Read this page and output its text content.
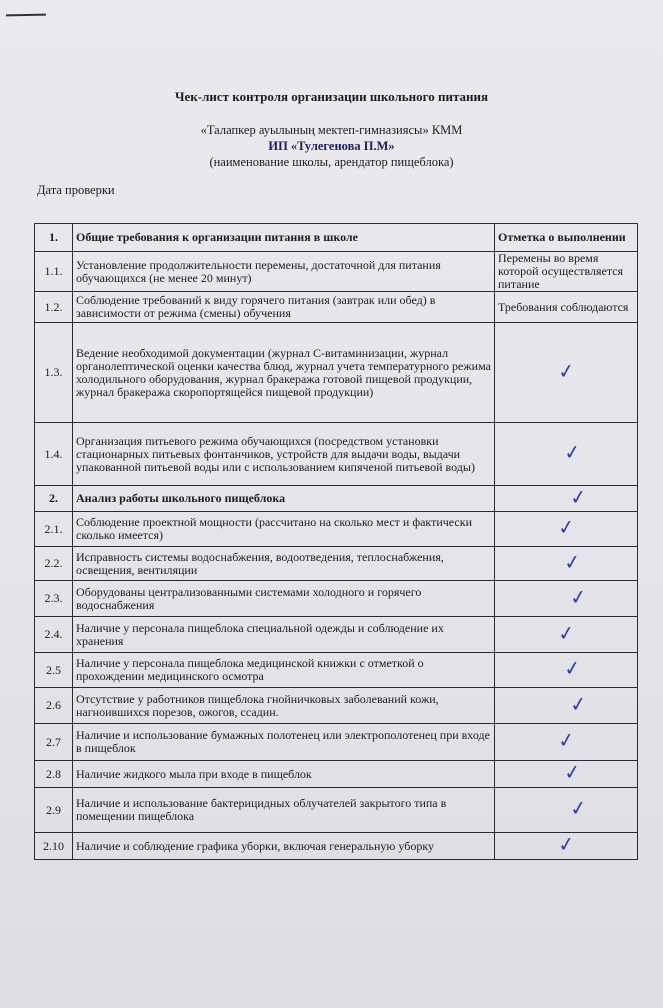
Чек-лист контроля организации школьного питания
«Талапкер ауылының мектеп-гимназиясы» КММ
ИП «Тулегенова П.М»
(наименование школы, арендатор пищеблока)
Дата проверки
1.	Общие требования к организации питания в школе	Отметка о выполнении
1.1.	Установление продолжительности перемены, достаточной для питания обучающихся (не менее 20 минут)	Перемены во время которой осуществляется питание
1.2.	Соблюдение требований к виду горячего питания (завтрак или обед) в зависимости от режима (смены) обучения	Требования соблюдаются
1.3.	Ведение необходимой документации (журнал С-витаминизации, журнал органолептической оценки качества блюд, журнал учета температурного режима холодильного оборудования, журнал бракеража готовой пищевой продукции, журнал бракеража скоропортящейся пищевой продукции)	✓
1.4.	Организация питьевого режима обучающихся (посредством установки стационарных питьевых фонтанчиков, устройств для выдачи воды, выдачи упакованной питьевой воды или с использованием кипяченой питьевой воды)	✓
2.	Анализ работы школьного пищеблока	✓
2.1.	Соблюдение проектной мощности (рассчитано на сколько мест и фактически сколько имеется)	✓
2.2.	Исправность системы водоснабжения, водоотведения, теплоснабжения, освещения, вентиляции	✓
2.3.	Оборудованы централизованными системами холодного и горячего водоснабжения	✓
2.4.	Наличие у персонала пищеблока специальной одежды и соблюдение их хранения	✓
2.5	Наличие у персонала пищеблока медицинской книжки с отметкой о прохождении медицинского осмотра	✓
2.6	Отсутствие у работников пищеблока гнойничковых заболеваний кожи, нагноившихся порезов, ожогов, ссадин.	✓
2.7	Наличие и использование бумажных полотенец или электрополотенец при входе в пищеблок	✓
2.8	Наличие жидкого мыла при входе в пищеблок	✓
2.9	Наличие и использование бактерицидных облучателей закрытого типа в помещении пищеблока	✓
2.10	Наличие и соблюдение графика уборки, включая генеральную уборку	✓
